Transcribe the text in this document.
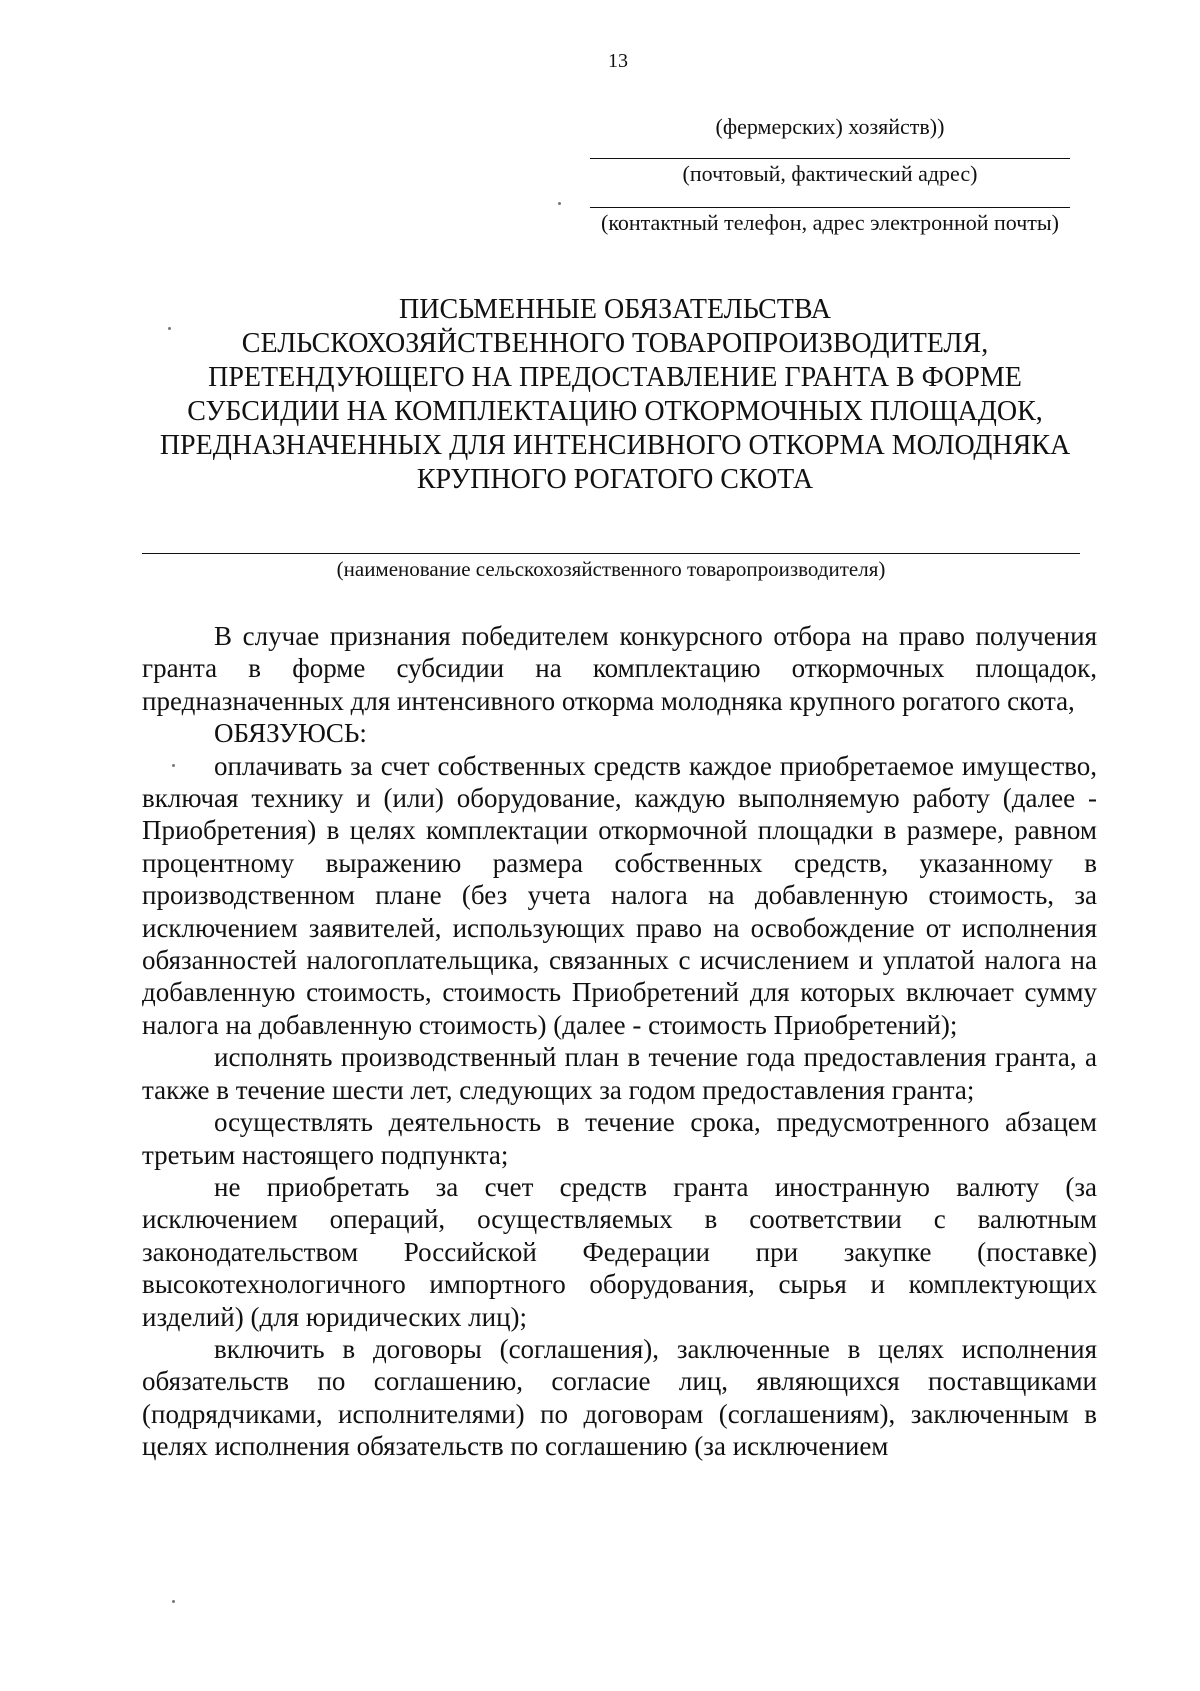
13
(фермерских) хозяйств))
(почтовый, фактический адрес)
(контактный телефон, адрес электронной почты)
ПИСЬМЕННЫЕ ОБЯЗАТЕЛЬСТВА
СЕЛЬСКОХОЗЯЙСТВЕННОГО ТОВАРОПРОИЗВОДИТЕЛЯ,
ПРЕТЕНДУЮЩЕГО НА ПРЕДОСТАВЛЕНИЕ ГРАНТА В ФОРМЕ
СУБСИДИИ НА КОМПЛЕКТАЦИЮ ОТКОРМОЧНЫХ ПЛОЩАДОК,
ПРЕДНАЗНАЧЕННЫХ ДЛЯ ИНТЕНСИВНОГО ОТКОРМА МОЛОДНЯКА
КРУПНОГО РОГАТОГО СКОТА
(наименование сельскохозяйственного товаропроизводителя)

В случае признания победителем конкурсного отбора на право получения гранта в форме субсидии на комплектацию откормочных площадок, предназначенных для интенсивного откорма молодняка крупного рогатого скота,

ОБЯЗУЮСЬ:

оплачивать за счет собственных средств каждое приобретаемое имущество, включая технику и (или) оборудование, каждую выполняемую работу (далее - Приобретения) в целях комплектации откормочной площадки в размере, равном процентному выражению размера собственных средств, указанному в производственном плане (без учета налога на добавленную стоимость, за исключением заявителей, использующих право на освобождение от исполнения обязанностей налогоплательщика, связанных с исчислением и уплатой налога на добавленную стоимость, стоимость Приобретений для которых включает сумму налога на добавленную стоимость) (далее - стоимость Приобретений);

исполнять производственный план в течение года предоставления гранта, а также в течение шести лет, следующих за годом предоставления гранта;

осуществлять деятельность в течение срока, предусмотренного абзацем третьим настоящего подпункта;

не приобретать за счет средств гранта иностранную валюту (за исключением операций, осуществляемых в соответствии с валютным законодательством Российской Федерации при закупке (поставке) высокотехнологичного импортного оборудования, сырья и комплектующих изделий) (для юридических лиц);

включить в договоры (соглашения), заключенные в целях исполнения обязательств по соглашению, согласие лиц, являющихся поставщиками (подрядчиками, исполнителями) по договорам (соглашениям), заключенным в целях исполнения обязательств по соглашению (за исключением
